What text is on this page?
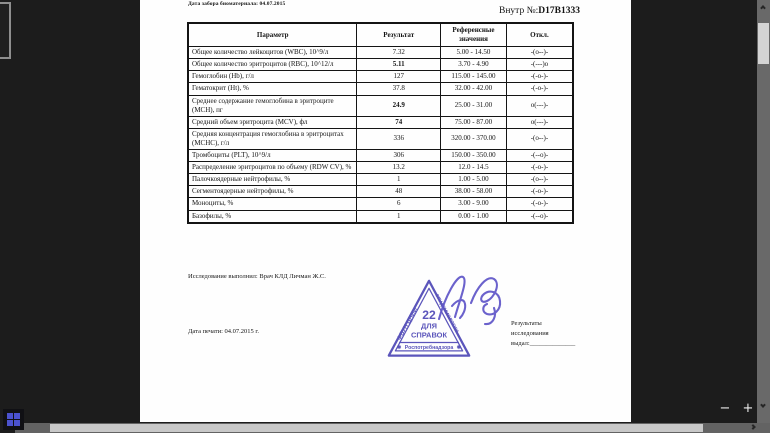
Дата забора биоматериала: 04.07.2015
Внутр №:D17B1333
Параметр	Результат	Референсные значения	Откл.
Общее количество лейкоцитов (WBC), 10^9/л	7.32	5.00 - 14.50	-(о--)-
Общее количество эритроцитов (RBC), 10^12/л	5.11	3.70 - 4.90	-(---)о
Гемоглобин (Hb), г/л	127	115.00 - 145.00	-(-о-)-
Гематокрит (Ht), %	37.8	32.00 - 42.00	-(-о-)-
Среднее содержание гемоглобина в эритроците (MCH), пг	24.9	25.00 - 31.00	о(---)-
Средний объем эритроцита (MCV), фл	74	75.00 - 87.00	о(---)-
Средняя концентрация гемоглобина в эритроцитах (MCHC), г/л	336	320.00 - 370.00	-(о--)-
Тромбоциты (PLT), 10^9/л	306	150.00 - 350.00	-(--о)-
Распределение эритроцитов по объему (RDW CV), %	13.2	12.0 - 14.5	-(-о-)-
Палочкоядерные нейтрофилы, %	1	1.00 - 5.00	-(о--)-
Сегментоядерные нейтрофилы, %	48	38.00 - 58.00	-(-о-)-
Моноциты, %	6	3.00 - 9.00	-(-о-)-
Базофилы, %	1	0.00 - 1.00	-(--о)-
Исследование выполнил: Врач КЛД Личман Ж.С.
Дата печати: 04.07.2015 г.
Результаты
исследования
выдал:______________
22
ДЛЯ
СПРАВОК
Роспотребнадзора
✱	✱
ФБУН ЦНИИ	ЭПИДЕМИОЛОГИИ
− +
